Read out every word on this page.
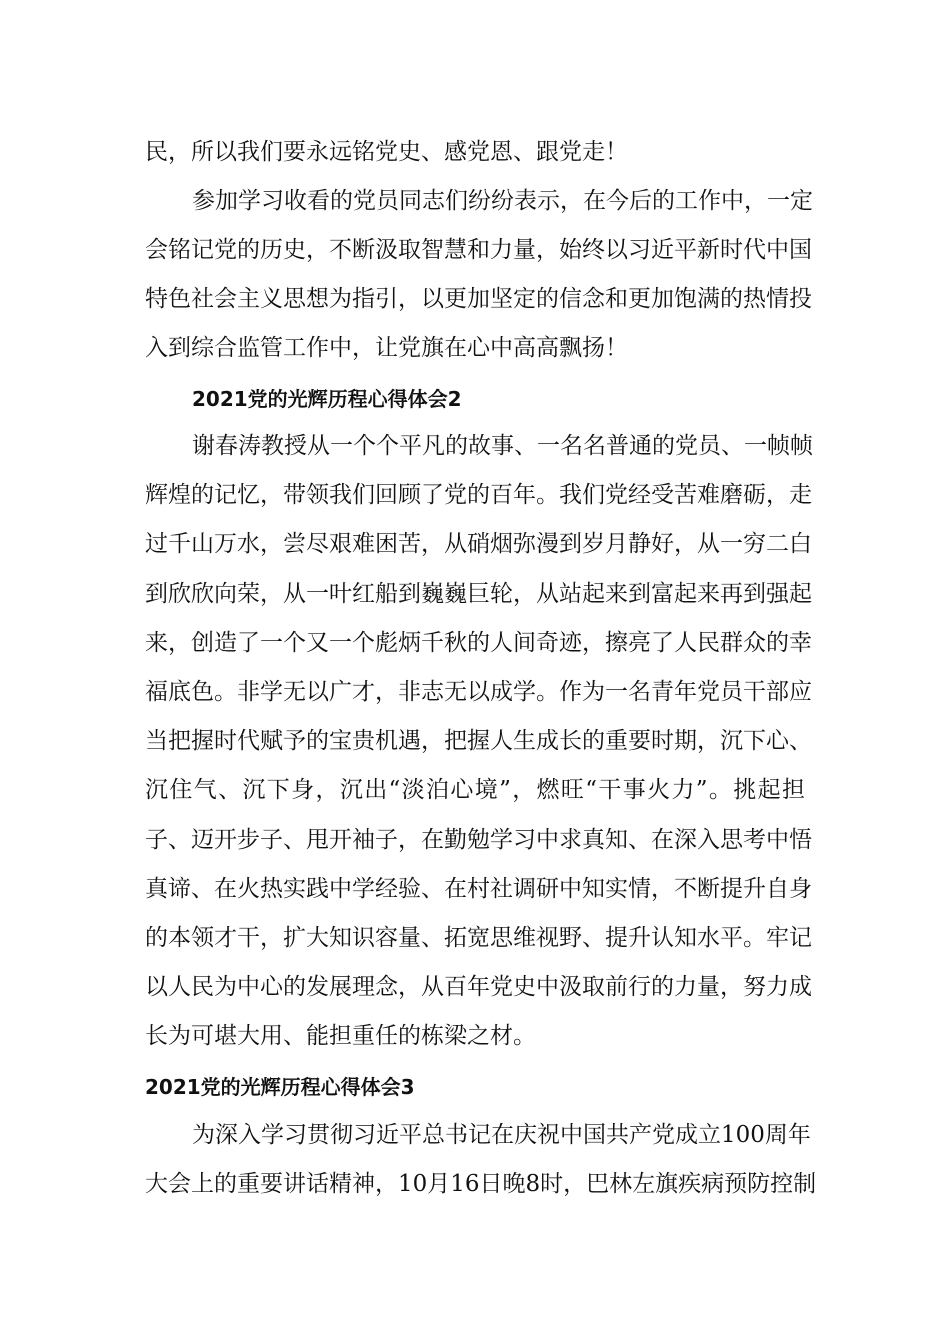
民，所以我们要永远铭党史、感党恩、跟党走！
参加学习收看的党员同志们纷纷表示，在今后的工作中，一定
会铭记党的历史，不断汲取智慧和力量，始终以习近平新时代中国
特色社会主义思想为指引，以更加坚定的信念和更加饱满的热情投
入到综合监管工作中，让党旗在心中高高飘扬！
2021党的光辉历程心得体会2
谢春涛教授从一个个平凡的故事、一名名普通的党员、一帧帧
辉煌的记忆，带领我们回顾了党的百年。我们党经受苦难磨砺，走
过千山万水，尝尽艰难困苦，从硝烟弥漫到岁月静好，从一穷二白
到欣欣向荣，从一叶红船到巍巍巨轮，从站起来到富起来再到强起
来，创造了一个又一个彪炳千秋的人间奇迹，擦亮了人民群众的幸
福底色。非学无以广才，非志无以成学。作为一名青年党员干部应
当把握时代赋予的宝贵机遇，把握人生成长的重要时期，沉下心、
沉住气、沉下身，沉出“淡泊心境”，燃旺“干事火力”。挑起担
子、迈开步子、甩开袖子，在勤勉学习中求真知、在深入思考中悟
真谛、在火热实践中学经验、在村社调研中知实情，不断提升自身
的本领才干，扩大知识容量、拓宽思维视野、提升认知水平。牢记
以人民为中心的发展理念，从百年党史中汲取前行的力量，努力成
长为可堪大用、能担重任的栋梁之材。
2021党的光辉历程心得体会3
为深入学习贯彻习近平总书记在庆祝中国共产党成立100周年
大会上的重要讲话精神，10月16日晚8时，巴林左旗疾病预防控制
